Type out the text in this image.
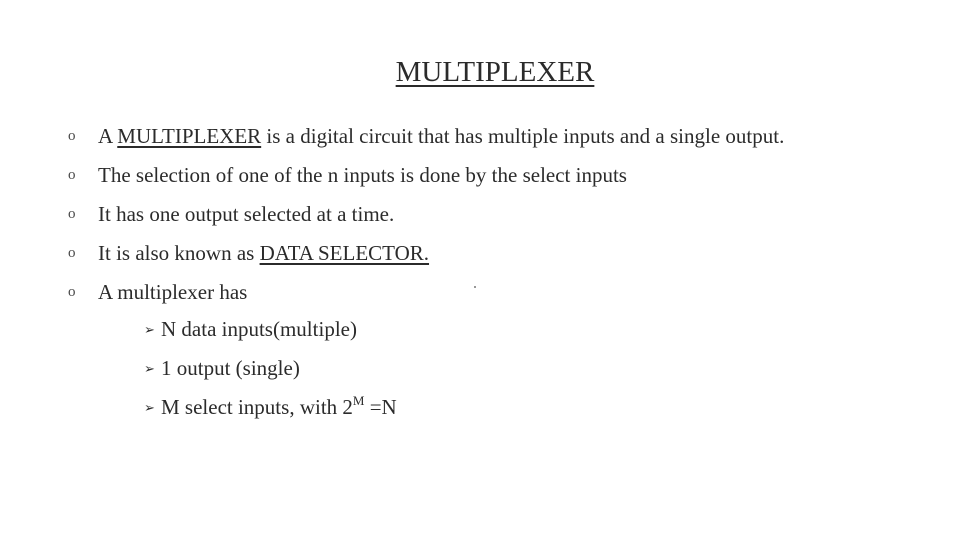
MULTIPLEXER
o A MULTIPLEXER is a digital circuit that has multiple inputs and a single output.
o The selection of one of the n inputs is done by the select inputs
o It has one output selected at a time.
o It is also known as DATA SELECTOR.
o A multiplexer has
➢ N data inputs(multiple)
➢ 1 output (single)
➢ M select inputs, with $2^M =N$
